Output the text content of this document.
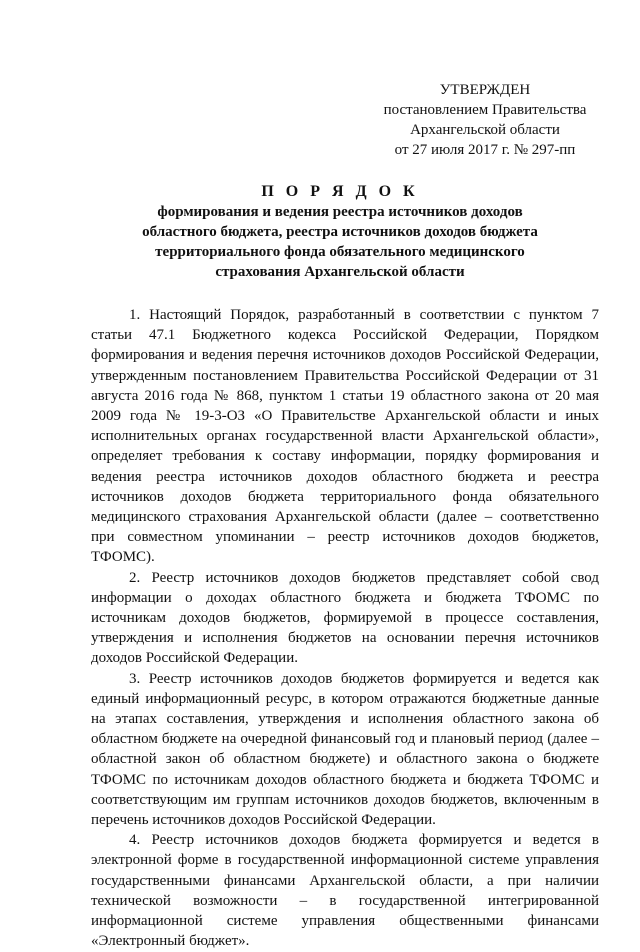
УТВЕРЖДЕН
постановлением Правительства
Архангельской области
от 27 июля 2017 г. № 297-пп
П О Р Я Д О К
формирования и ведения реестра источников доходов
областного бюджета, реестра источников доходов бюджета
территориального фонда обязательного медицинского
страхования Архангельской области

1. Настоящий Порядок, разработанный в соответствии с пунктом 7 статьи 47.1 Бюджетного кодекса Российской Федерации, Порядком формирования и ведения перечня источников доходов Российской Федерации, утвержденным постановлением Правительства Российской Федерации от 31 августа 2016 года № 868, пунктом 1 статьи 19 областного закона от 20 мая 2009 года № 19-3-ОЗ «О Правительстве Архангельской области и иных исполнительных органах государственной власти Архангельской области», определяет требования к составу информации, порядку формирования и ведения реестра источников доходов областного бюджета и реестра источников доходов бюджета территориального фонда обязательного медицинского страхования Архангельской области (далее – соответственно при совместном упоминании – реестр источников доходов бюджетов, ТФОМС).

2. Реестр источников доходов бюджетов представляет собой свод информации о доходах областного бюджета и бюджета ТФОМС по источникам доходов бюджетов, формируемой в процессе составления, утверждения и исполнения бюджетов на основании перечня источников доходов Российской Федерации.

3. Реестр источников доходов бюджетов формируется и ведется как единый информационный ресурс, в котором отражаются бюджетные данные на этапах составления, утверждения и исполнения областного закона об областном бюджете на очередной финансовый год и плановый период (далее – областной закон об областном бюджете) и областного закона о бюджете ТФОМС по источникам доходов областного бюджета и бюджета ТФОМС и соответствующим им группам источников доходов бюджетов, включенным в перечень источников доходов Российской Федерации.

4. Реестр источников доходов бюджета формируется и ведется в электронной форме в государственной информационной системе управления государственными финансами Архангельской области, а при наличии технической возможности – в государственной интегрированной информационной системе управления общественными финансами «Электронный бюджет».
